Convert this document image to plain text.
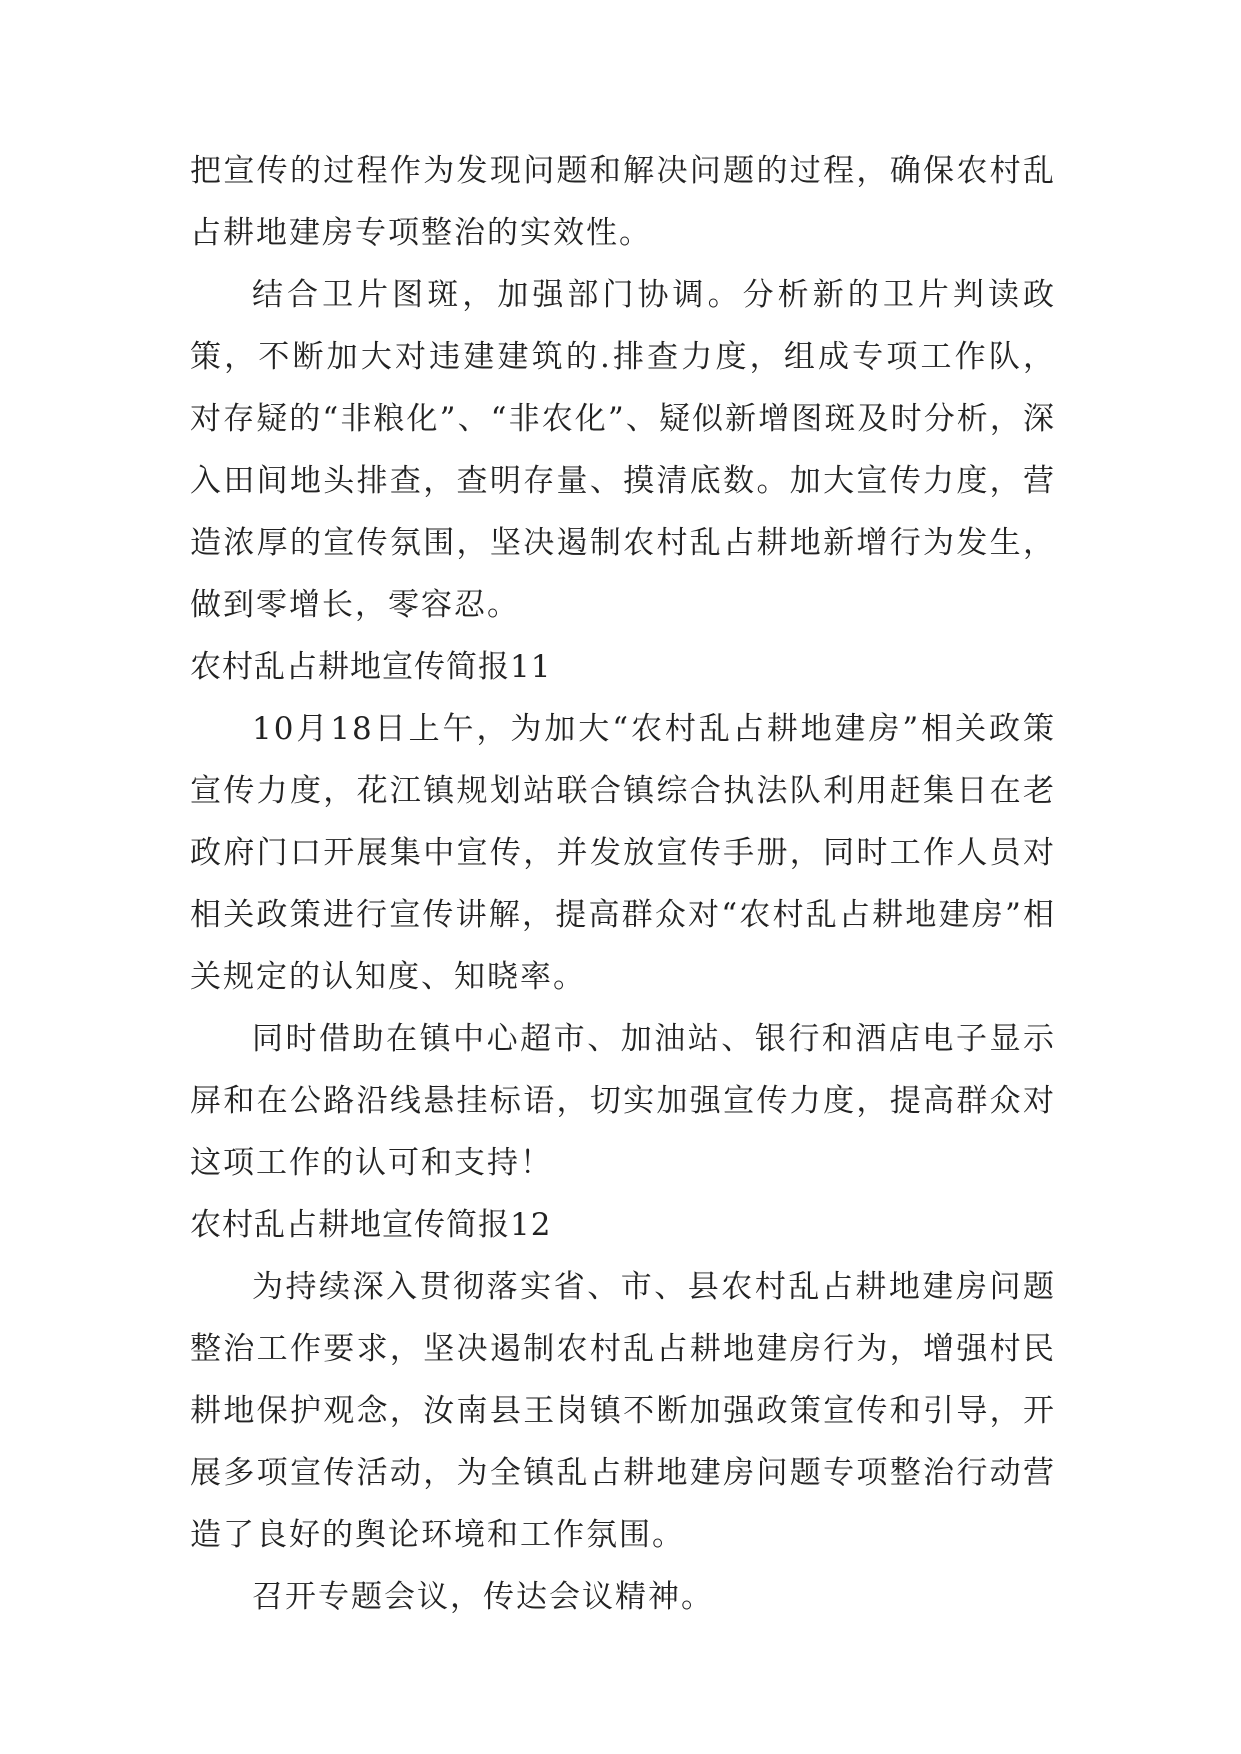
把宣传的过程作为发现问题和解决问题的过程，确保农村乱占耕地建房专项整治的实效性。

结合卫片图斑，加强部门协调。分析新的卫片判读政策，不断加大对违建建筑的.排查力度，组成专项工作队，对存疑的“非粮化”、“非农化”、疑似新增图斑及时分析，深入田间地头排查，查明存量、摸清底数。加大宣传力度，营造浓厚的宣传氛围，坚决遏制农村乱占耕地新增行为发生，做到零增长，零容忍。

农村乱占耕地宣传简报11

10月18日上午，为加大“农村乱占耕地建房”相关政策宣传力度，花江镇规划站联合镇综合执法队利用赶集日在老政府门口开展集中宣传，并发放宣传手册，同时工作人员对相关政策进行宣传讲解，提高群众对“农村乱占耕地建房”相关规定的认知度、知晓率。

同时借助在镇中心超市、加油站、银行和酒店电子显示屏和在公路沿线悬挂标语，切实加强宣传力度，提高群众对这项工作的认可和支持！

农村乱占耕地宣传简报12

为持续深入贯彻落实省、市、县农村乱占耕地建房问题整治工作要求，坚决遏制农村乱占耕地建房行为，增强村民耕地保护观念，汝南县王岗镇不断加强政策宣传和引导，开展多项宣传活动，为全镇乱占耕地建房问题专项整治行动营造了良好的舆论环境和工作氛围。

召开专题会议，传达会议精神。
